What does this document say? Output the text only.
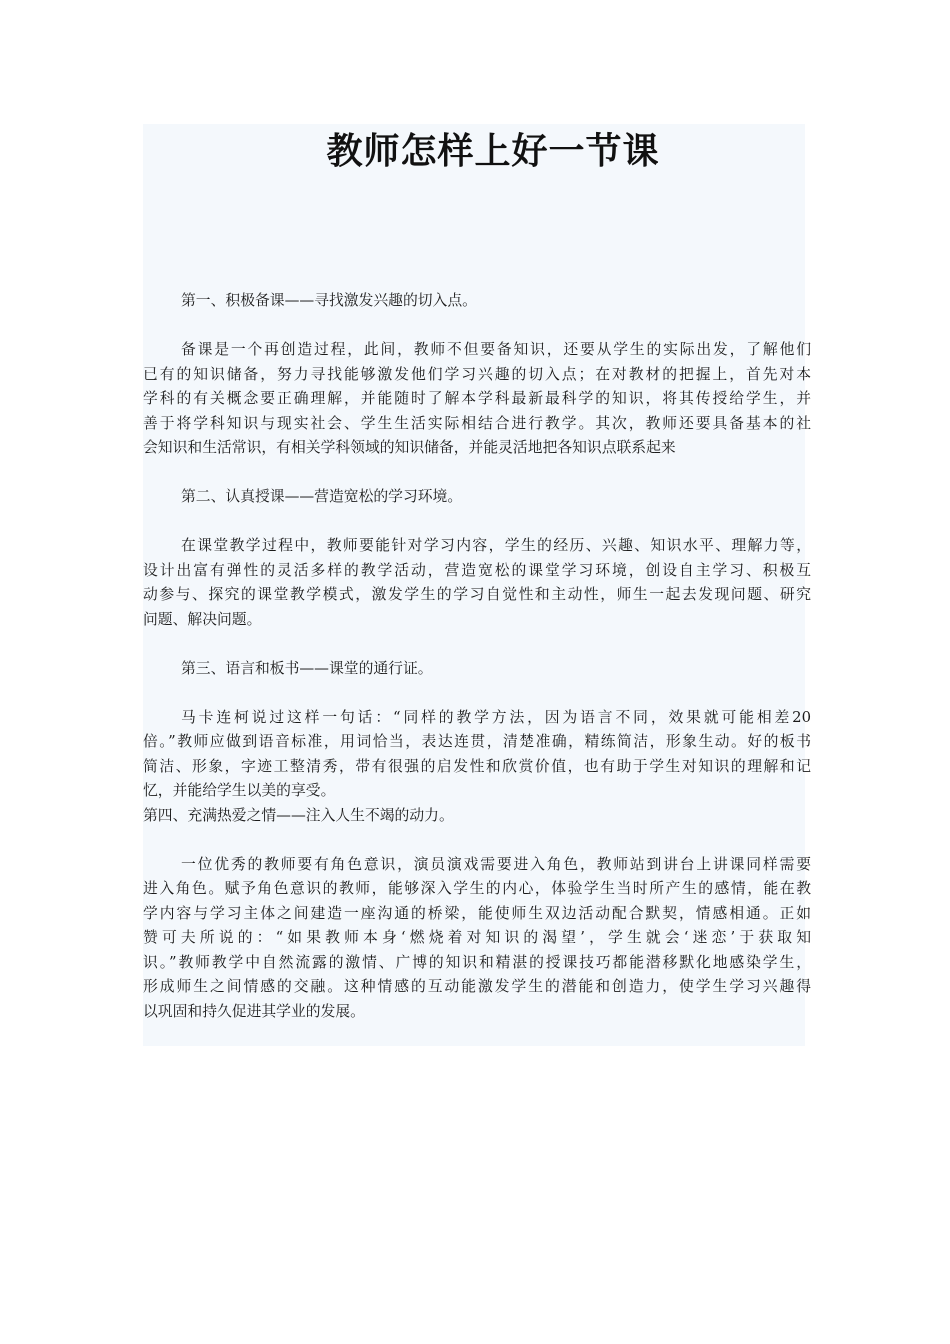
教师怎样上好一节课
第一、积极备课——寻找激发兴趣的切入点。
备课是一个再创造过程，此间，教师不但要备知识，还要从学生的实际出发，了解他们
已有的知识储备，努力寻找能够激发他们学习兴趣的切入点；在对教材的把握上，首先对本
学科的有关概念要正确理解，并能随时了解本学科最新最科学的知识，将其传授给学生，并
善于将学科知识与现实社会、学生生活实际相结合进行教学。其次，教师还要具备基本的社
会知识和生活常识，有相关学科领域的知识储备，并能灵活地把各知识点联系起来
第二、认真授课——营造宽松的学习环境。
在课堂教学过程中，教师要能针对学习内容，学生的经历、兴趣、知识水平、理解力等，
设计出富有弹性的灵活多样的教学活动，营造宽松的课堂学习环境，创设自主学习、积极互
动参与、探究的课堂教学模式，激发学生的学习自觉性和主动性，师生一起去发现问题、研究
问题、解决问题。
第三、语言和板书——课堂的通行证。
马卡连柯说过这样一句话：“同样的教学方法，因为语言不同，效果就可能相差20
倍。”教师应做到语音标准，用词恰当，表达连贯，清楚准确，精练简洁，形象生动。好的板书
简洁、形象，字迹工整清秀，带有很强的启发性和欣赏价值，也有助于学生对知识的理解和记
忆，并能给学生以美的享受。
第四、充满热爱之情——注入人生不竭的动力。
一位优秀的教师要有角色意识，演员演戏需要进入角色，教师站到讲台上讲课同样需要
进入角色。赋予角色意识的教师，能够深入学生的内心，体验学生当时所产生的感情，能在教
学内容与学习主体之间建造一座沟通的桥梁，能使师生双边活动配合默契，情感相通。正如
赞可夫所说的：“如果教师本身‘燃烧着对知识的渴望’，学生就会‘迷恋’于获取知
识。”教师教学中自然流露的激情、广博的知识和精湛的授课技巧都能潜移默化地感染学生，
形成师生之间情感的交融。这种情感的互动能激发学生的潜能和创造力，使学生学习兴趣得
以巩固和持久促进其学业的发展。
